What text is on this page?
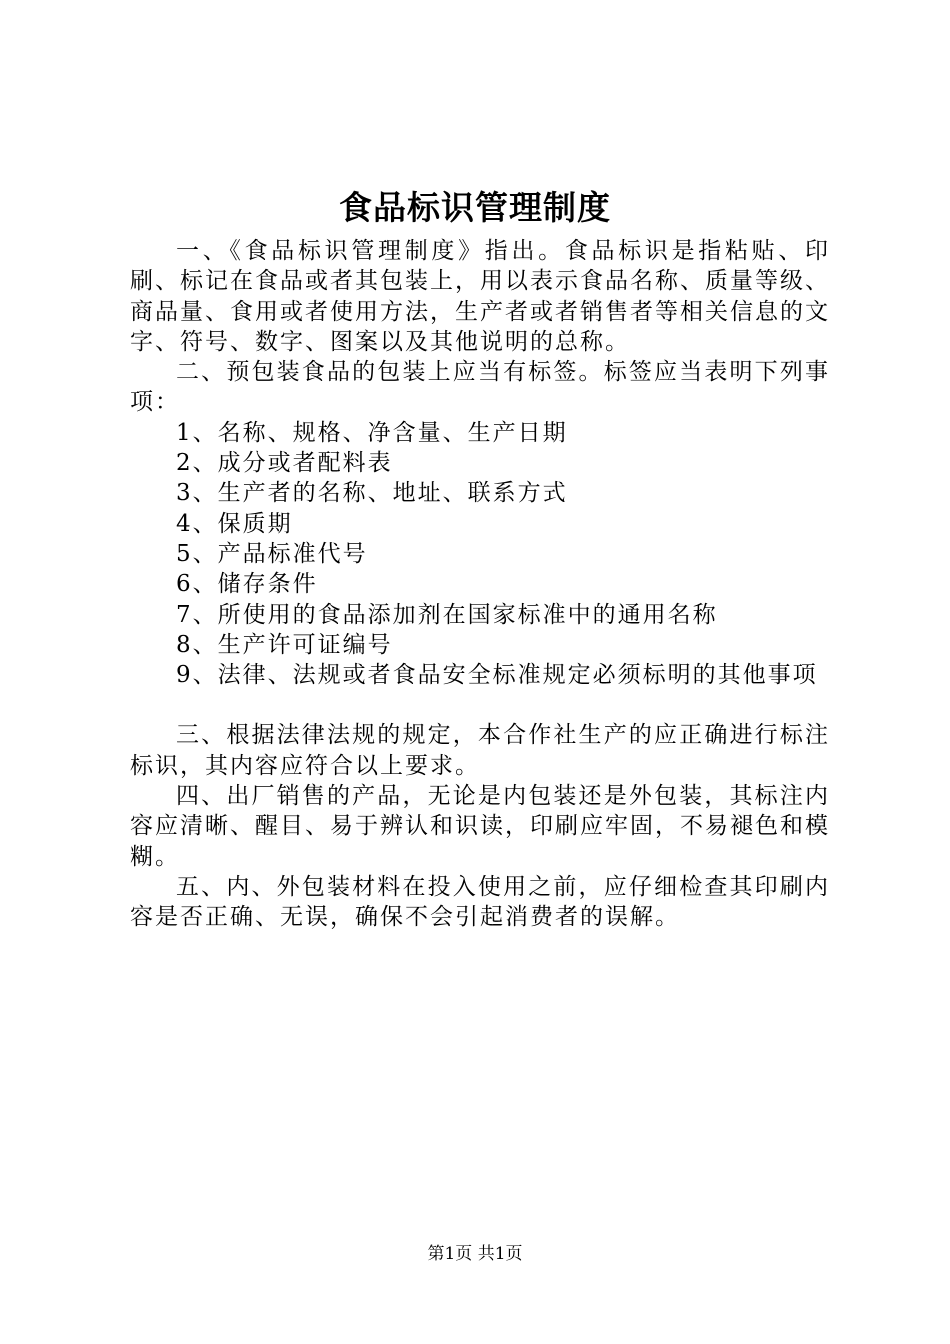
食品标识管理制度

一、《食品标识管理制度》指出。食品标识是指粘贴、印刷、标记在食品或者其包装上，用以表示食品名称、质量等级、商品量、食用或者使用方法，生产者或者销售者等相关信息的文字、符号、数字、图案以及其他说明的总称。

二、预包装食品的包装上应当有标签。标签应当表明下列事项：

1、名称、规格、净含量、生产日期
2、成分或者配料表
3、生产者的名称、地址、联系方式
4、保质期
5、产品标准代号
6、储存条件
7、所使用的食品添加剂在国家标准中的通用名称
8、生产许可证编号
9、法律、法规或者食品安全标准规定必须标明的其他事项

三、根据法律法规的规定，本合作社生产的应正确进行标注标识，其内容应符合以上要求。

四、出厂销售的产品，无论是内包装还是外包装，其标注内容应清晰、醒目、易于辨认和识读，印刷应牢固，不易褪色和模糊。

五、内、外包装材料在投入使用之前，应仔细检查其印刷内容是否正确、无误，确保不会引起消费者的误解。

第1页 共1页
